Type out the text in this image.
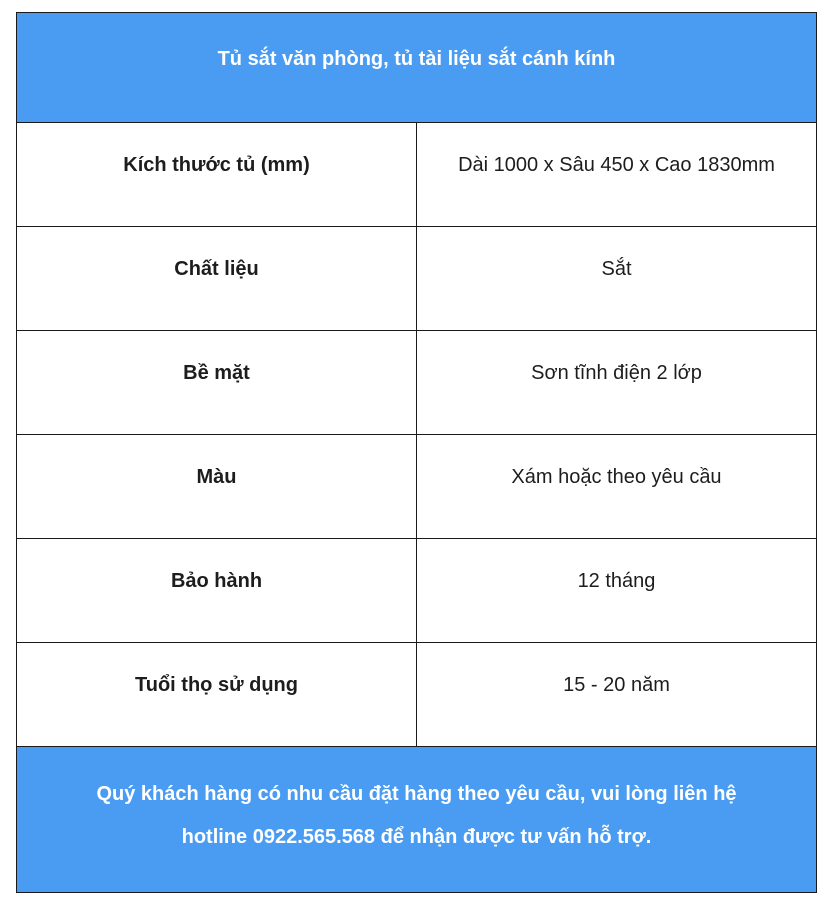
Tủ sắt văn phòng, tủ tài liệu sắt cánh kính	
Kích thước tủ (mm)	Dài 1000 x Sâu 450 x Cao 1830mm
Chất liệu	Sắt
Bề mặt	Sơn tĩnh điện 2 lớp
Màu	Xám hoặc theo yêu cầu
Bảo hành	12 tháng
Tuổi thọ sử dụng	15 - 20 năm

Quý khách hàng có nhu cầu đặt hàng theo yêu cầu, vui lòng liên hệ
hotline 0922.565.568 để nhận được tư vấn hỗ trợ.	
